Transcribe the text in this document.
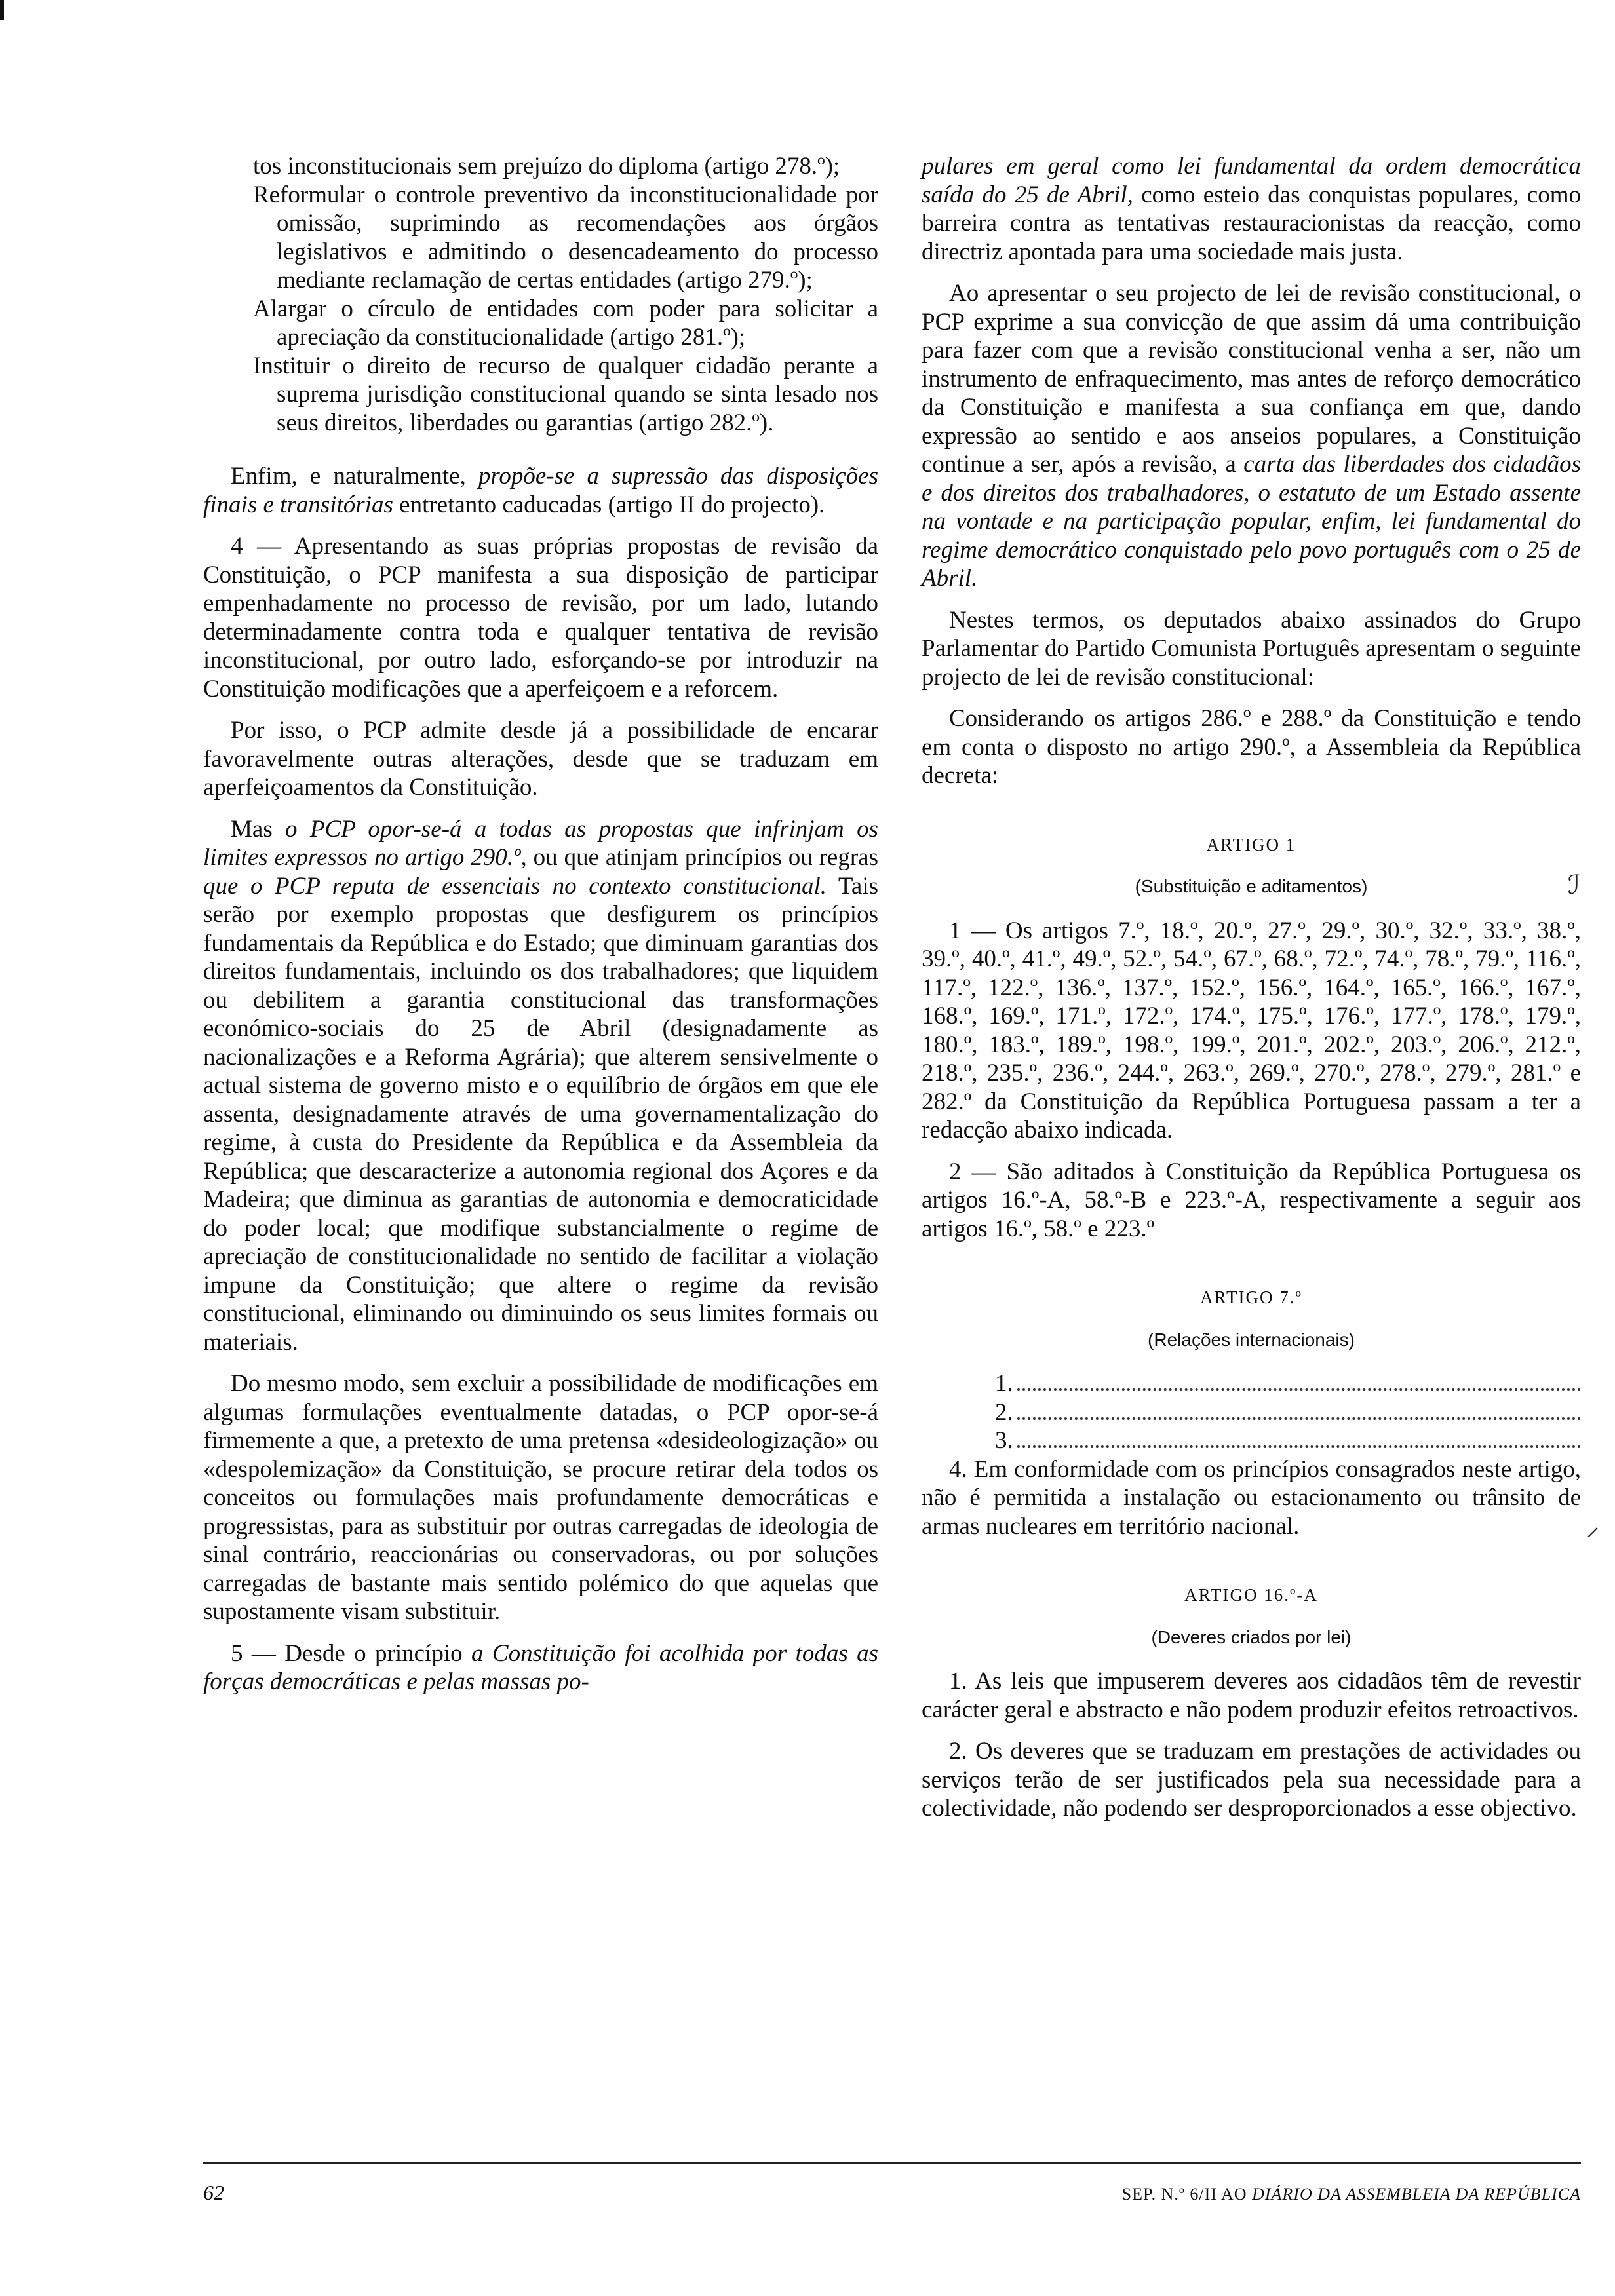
tos inconstitucionais sem prejuízo do diploma (artigo 278.º);

Reformular o controle preventivo da inconstitucionalidade por omissão, suprimindo as recomendações aos órgãos legislativos e admitindo o desencadeamento do processo mediante reclamação de certas entidades (artigo 279.º);

Alargar o círculo de entidades com poder para solicitar a apreciação da constitucionalidade (artigo 281.º);

Instituir o direito de recurso de qualquer cidadão perante a suprema jurisdição constitucional quando se sinta lesado nos seus direitos, liberdades ou garantias (artigo 282.º).

Enfim, e naturalmente, propõe-se a supressão das disposições finais e transitórias entretanto caducadas (artigo II do projecto).

4 — Apresentando as suas próprias propostas de revisão da Constituição, o PCP manifesta a sua disposição de participar empenhadamente no processo de revisão, por um lado, lutando determinadamente contra toda e qualquer tentativa de revisão inconstitucional, por outro lado, esforçando-se por introduzir na Constituição modificações que a aperfeiçoem e a reforcem.

Por isso, o PCP admite desde já a possibilidade de encarar favoravelmente outras alterações, desde que se traduzam em aperfeiçoamentos da Constituição.

Mas o PCP opor-se-á a todas as propostas que infrinjam os limites expressos no artigo 290.º, ou que atinjam princípios ou regras que o PCP reputa de essenciais no contexto constitucional. Tais serão por exemplo propostas que desfigurem os princípios fundamentais da República e do Estado; que diminuam garantias dos direitos fundamentais, incluindo os dos trabalhadores; que liquidem ou debilitem a garantia constitucional das transformações económico-sociais do 25 de Abril (designadamente as nacionalizações e a Reforma Agrária); que alterem sensivelmente o actual sistema de governo misto e o equilíbrio de órgãos em que ele assenta, designadamente através de uma governamentalização do regime, à custa do Presidente da República e da Assembleia da República; que descaracterize a autonomia regional dos Açores e da Madeira; que diminua as garantias de autonomia e democraticidade do poder local; que modifique substancialmente o regime de apreciação de constitucionalidade no sentido de facilitar a violação impune da Constituição; que altere o regime da revisão constitucional, eliminando ou diminuindo os seus limites formais ou materiais.

Do mesmo modo, sem excluir a possibilidade de modificações em algumas formulações eventualmente datadas, o PCP opor-se-á firmemente a que, a pretexto de uma pretensa «desideologização» ou «despolemização» da Constituição, se procure retirar dela todos os conceitos ou formulações mais profundamente democráticas e progressistas, para as substituir por outras carregadas de ideologia de sinal contrário, reaccionárias ou conservadoras, ou por soluções carregadas de bastante mais sentido polémico do que aquelas que supostamente visam substituir.

5 — Desde o princípio a Constituição foi acolhida por todas as forças democráticas e pelas massas po-

pulares em geral como lei fundamental da ordem democrática saída do 25 de Abril, como esteio das conquistas populares, como barreira contra as tentativas restauracionistas da reacção, como directriz apontada para uma sociedade mais justa.

Ao apresentar o seu projecto de lei de revisão constitucional, o PCP exprime a sua convicção de que assim dá uma contribuição para fazer com que a revisão constitucional venha a ser, não um instrumento de enfraquecimento, mas antes de reforço democrático da Constituição e manifesta a sua confiança em que, dando expressão ao sentido e aos anseios populares, a Constituição continue a ser, após a revisão, a carta das liberdades dos cidadãos e dos direitos dos trabalhadores, o estatuto de um Estado assente na vontade e na participação popular, enfim, lei fundamental do regime democrático conquistado pelo povo português com o 25 de Abril.

Nestes termos, os deputados abaixo assinados do Grupo Parlamentar do Partido Comunista Português apresentam o seguinte projecto de lei de revisão constitucional:

Considerando os artigos 286.º e 288.º da Constituição e tendo em conta o disposto no artigo 290.º, a Assembleia da República decreta:

ARTIGO 1

(Substituição e aditamentos)

1 — Os artigos 7.º, 18.º, 20.º, 27.º, 29.º, 30.º, 32.º, 33.º, 38.º, 39.º, 40.º, 41.º, 49.º, 52.º, 54.º, 67.º, 68.º, 72.º, 74.º, 78.º, 79.º, 116.º, 117.º, 122.º, 136.º, 137.º, 152.º, 156.º, 164.º, 165.º, 166.º, 167.º, 168.º, 169.º, 171.º, 172.º, 174.º, 175.º, 176.º, 177.º, 178.º, 179.º, 180.º, 183.º, 189.º, 198.º, 199.º, 201.º, 202.º, 203.º, 206.º, 212.º, 218.º, 235.º, 236.º, 244.º, 263.º, 269.º, 270.º, 278.º, 279.º, 281.º e 282.º da Constituição da República Portuguesa passam a ter a redacção abaixo indicada.

2 — São aditados à Constituição da República Portuguesa os artigos 16.º-A, 58.º-B e 223.º-A, respectivamente a seguir aos artigos 16.º, 58.º e 223.º

ARTIGO 7.º

(Relações internacionais)

1.
2.
3.

4. Em conformidade com os princípios consagrados neste artigo, não é permitida a instalação ou estacionamento ou trânsito de armas nucleares em território nacional.

ARTIGO 16.º-A

(Deveres criados por lei)

1. As leis que impuserem deveres aos cidadãos têm de revestir carácter geral e abstracto e não podem produzir efeitos retroactivos.

2. Os deveres que se traduzam em prestações de actividades ou serviços terão de ser justificados pela sua necessidade para a colectividade, não podendo ser desproporcionados a esse objectivo.

ℐ
⸝
62	SEP. N.º 6/II AO DIÁRIO DA ASSEMBLEIA DA REPÚBLICA
